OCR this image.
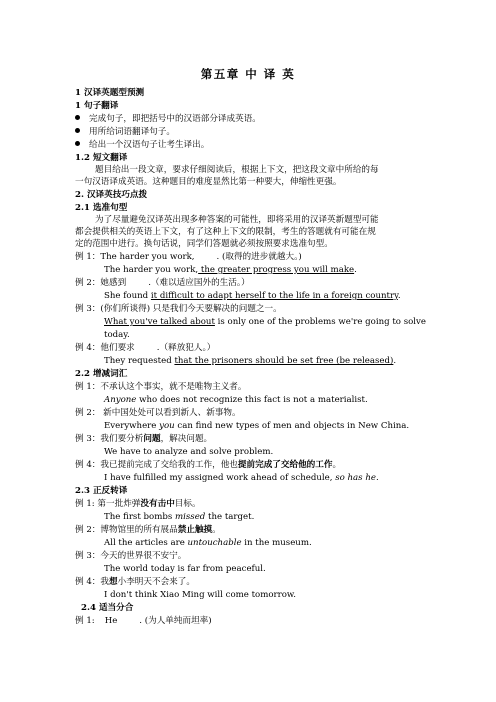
第五章 中 译 英
1 汉译英题型预测
1 句子翻译
完成句子，即把括号中的汉语部分译成英语。
用所给词语翻译句子。
给出一个汉语句子让考生译出。
1.2 短文翻译
题目给出一段文章，要求仔细阅读后，根据上下文，把这段文章中所给的每
一句汉语译成英语。这种题目的难度显然比第一种要大，伸缩性更强。
2. 汉译英技巧点拨
2.1 选准句型
为了尽量避免汉译英出现多种答案的可能性，即将采用的汉译英新题型可能
都会提供相关的英语上下文，有了这种上下文的限制，考生的答题就有可能在规
定的范围中进行。换句话说，同学们答题就必须按照要求选准句型。
例 1：The harder you work,	. (取得的进步就越大。)
The harder you work, the greater progress you will make.
例 2：她感到	.（难以适应国外的生活。）
She found it difficult to adapt herself to the life in a foreign country.
例 3：(你们所谈得) 只是我们今天要解决的问题之一。
What you've talked about is only one of the problems we're going to solve
today.
例 4：他们要求	.（释放犯人。）
They requested that the prisoners should be set free (be released).
2.2 增减词汇
例 1：不承认这个事实，就不是唯物主义者。
Anyone who does not recognize this fact is not a materialist.
例 2： 新中国处处可以看到新人、新事物。
Everywhere you can find new types of men and objects in New China.
例 3：我们要分析问题，解决问题。
We have to analyze and solve problem.
例 4：我已提前完成了交给我的工作，他也提前完成了交给他的工作。
I have fulfilled my assigned work ahead of schedule, so has he.
2.3 正反转译
例 1: 第一批炸弹没有击中目标。
The first bombs missed the target.
例 2：博物馆里的所有展品禁止触摸。
All the articles are untouchable in the museum.
例 3：今天的世界很不安宁。
The world today is far from peaceful.
例 4：我想小李明天不会来了。
I don't think Xiao Ming will come tomorrow.
2.4 适当分合
例 1: He	. (为人单纯而坦率)
